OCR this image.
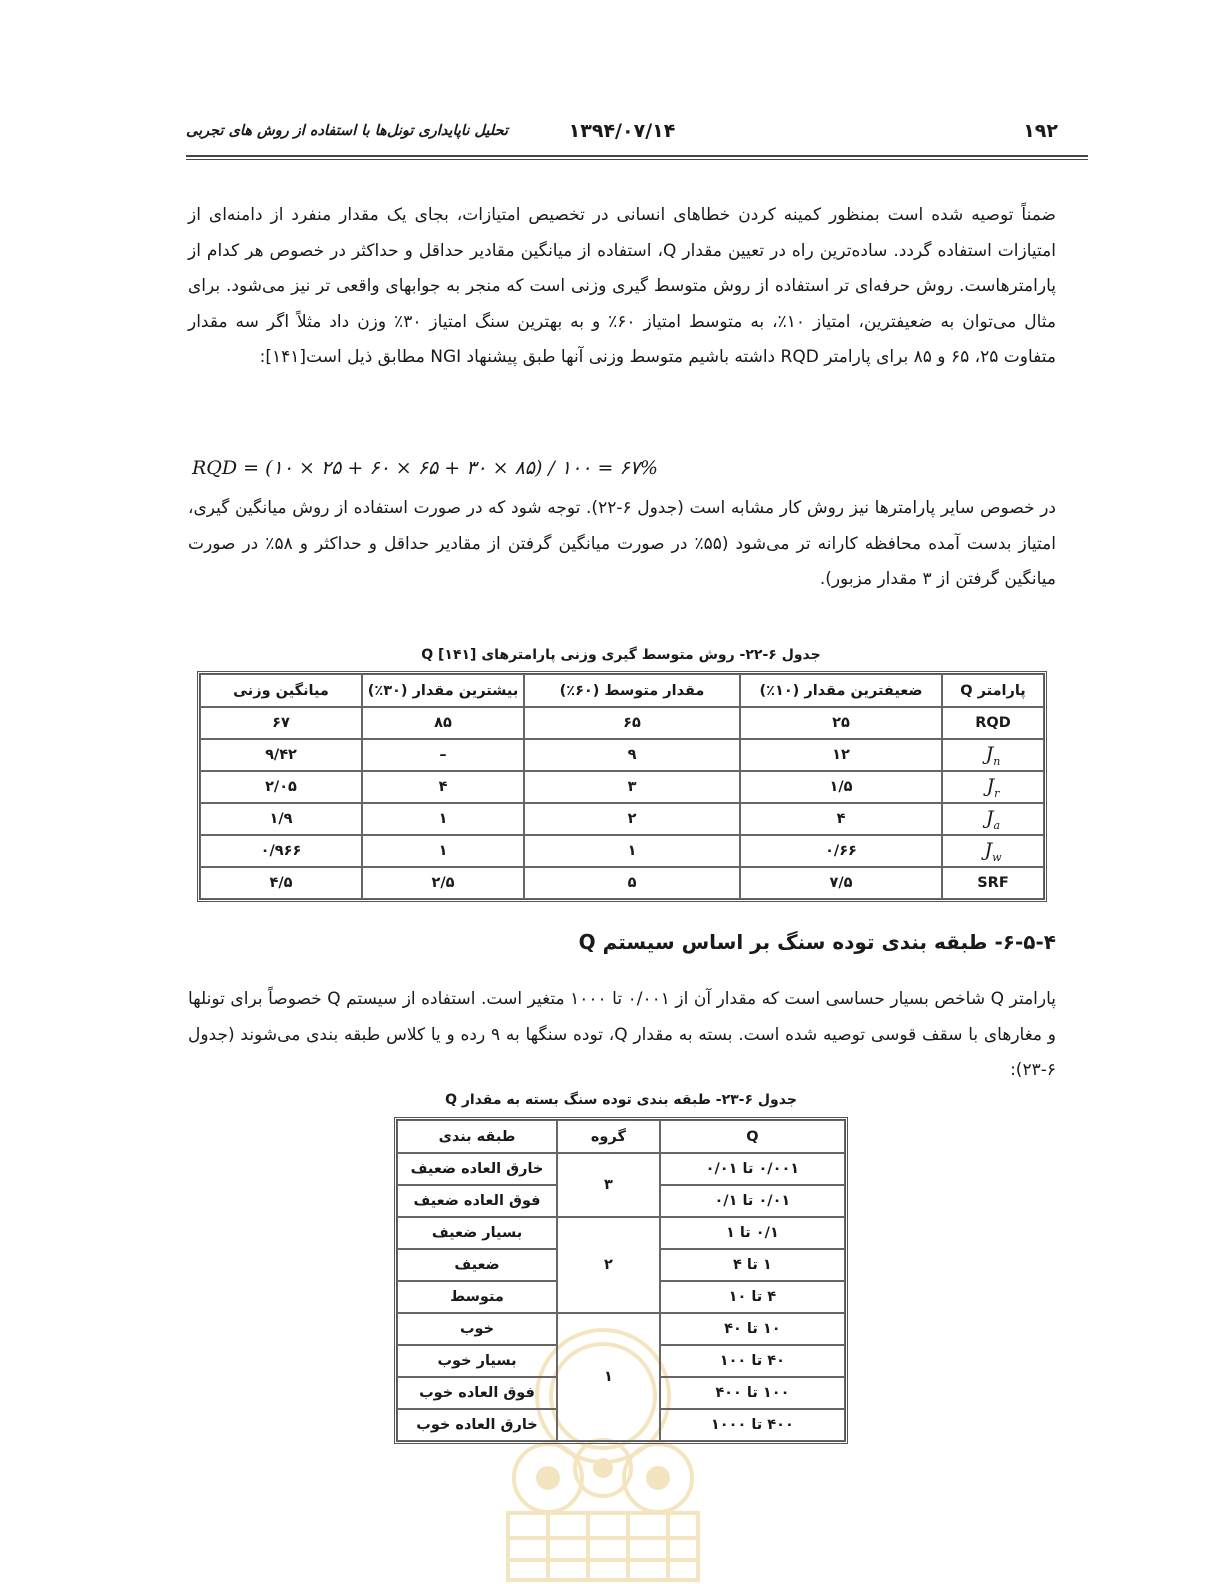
۱۹۲
۱۳۹۴/۰۷/۱۴
تحلیل ناپایداری تونل‌ها با استفاده از روش های تجربی

ضمناً توصیه شده است بمنظور کمینه کردن خطاهای انسانی در تخصیص امتیازات، بجای یک مقدار منفرد از دامنه‌ای از امتیازات استفاده گردد. ساده‌ترین راه در تعیین مقدار Q، استفاده از میانگین مقادیر حداقل و حداکثر در خصوص هر کدام از پارامترهاست. روش حرفه‌ای تر استفاده از روش متوسط گیری وزنی است که منجر به جوابهای واقعی تر نیز می‌شود. برای مثال می‌توان به ضعیفترین، امتیاز ۱۰٪، به متوسط امتیاز ۶۰٪ و به بهترین سنگ امتیاز ۳۰٪ وزن داد مثلاً اگر سه مقدار متفاوت ۲۵، ۶۵ و ۸۵ برای پارامتر RQD داشته باشیم متوسط وزنی آنها طبق پیشنهاد NGI مطابق ذیل است[۱۴۱]:

RQD = (۱۰ × ۲۵ + ۶۰ × ۶۵ + ۳۰ × ۸۵) / ۱۰۰ = ۶۷%

در خصوص سایر پارامترها نیز روش کار مشابه است (جدول ۶-۲۲). توجه شود که در صورت استفاده از روش میانگین گیری، امتیاز بدست آمده محافظه کارانه تر می‌شود (۵۵٪ در صورت میانگین گرفتن از مقادیر حداقل و حداکثر و ۵۸٪ در صورت میانگین گرفتن از ۳ مقدار مزبور).

جدول ۶-۲۲- روش متوسط گیری وزنی پارامترهای Q [۱۴۱]
پارامتر Q	ضعیفترین مقدار (۱۰٪)	مقدار متوسط (۶۰٪)	بیشترین مقدار (۳۰٪)	میانگین وزنی
RQD	۲۵	۶۵	۸۵	۶۷
$J_n$	۱۲	۹	–	۹/۴۲
$J_r$	۱/۵	۳	۴	۲/۰۵
$J_a$	۴	۲	۱	۱/۹
$J_w$	۰/۶۶	۱	۱	۰/۹۶۶
SRF	۷/۵	۵	۲/۵	۴/۵
۶-۵-۴- طبقه بندی توده سنگ بر اساس سیستم Q

پارامتر Q شاخص بسیار حساسی است که مقدار آن از ۰/۰۰۱ تا ۱۰۰۰ متغیر است. استفاده از سیستم Q خصوصاً برای تونلها و مغارهای با سقف قوسی توصیه شده است. بسته به مقدار Q، توده سنگها به ۹ رده و یا کلاس طبقه بندی می‌شوند (جدول ۶-۲۳):

جدول ۶-۲۳- طبقه بندی توده سنگ بسته به مقدار Q
Q	گروه	طبقه بندی
۰/۰۰۱ تا ۰/۰۱	۳	خارق العاده ضعیف
۰/۰۱ تا ۰/۱		فوق العاده ضعیف
۰/۱ تا ۱	۲	بسیار ضعیف
۱ تا ۴		ضعیف
۴ تا ۱۰		متوسط
۱۰ تا ۴۰	۱	خوب
۴۰ تا ۱۰۰		بسیار خوب
۱۰۰ تا ۴۰۰		فوق العاده خوب
۴۰۰ تا ۱۰۰۰		خارق العاده خوب
